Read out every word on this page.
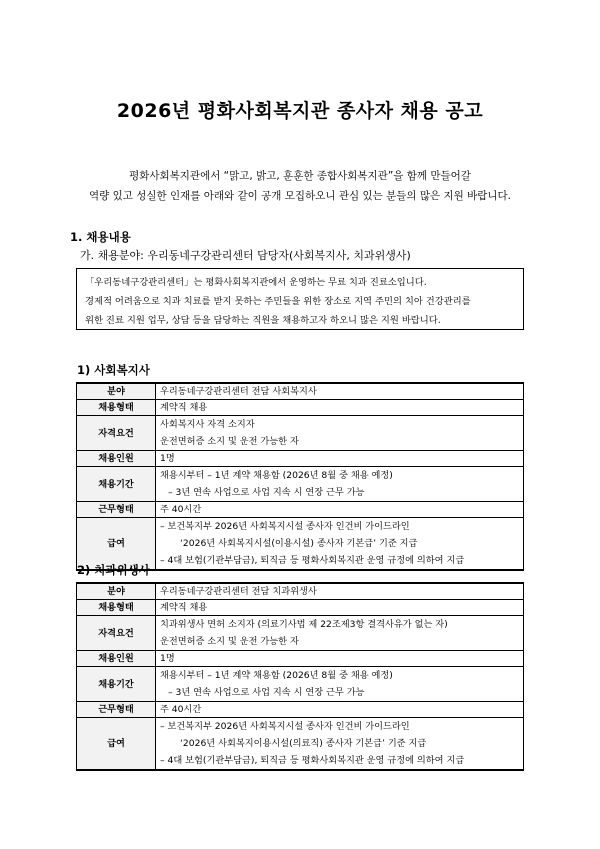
2026년 평화사회복지관 종사자 채용 공고
평화사회복지관에서 “맑고, 밝고, 훈훈한 종합사회복지관”을 함께 만들어갈
역량 있고 성실한 인재를 아래와 같이 공개 모집하오니 관심 있는 분들의 많은 지원 바랍니다.
1. 채용내용
가. 채용분야: 우리동네구강관리센터 담당자(사회복지사, 치과위생사)
「우리동네구강관리센터」는 평화사회복지관에서 운영하는 무료 치과 진료소입니다.
경제적 어려움으로 치과 치료를 받지 못하는 주민들을 위한 장소로 지역 주민의 치아 건강관리를
위한 진료 지원 업무, 상담 등을 담당하는 직원을 채용하고자 하오니 많은 지원 바랍니다.
1) 사회복지사
분야	우리동네구강관리센터 전담 사회복지사
채용형태	계약직 채용
자격요건	사회복지사 자격 소지자
운전면허증 소지 및 운전 가능한 자

채용인원	1명
채용기간	채용시부터 – 1년 계약 채용함 (2026년 8월 중 채용 예정)
– 3년 연속 사업으로 사업 지속 시 연장 근무 가능

근무형태	주 40시간
급여	– 보건복지부 2026년 사회복지시설 종사자 인건비 가이드라인
‘2026년 사회복지시설(이용시설) 종사자 기본급’ 기준 지급
– 4대 보험(기관부담금), 퇴직금 등 평화사회복지관 운영 규정에 의하여 지급
2) 치과위생사
분야	우리동네구강관리센터 전담 치과위생사
채용형태	계약직 채용
자격요건	치과위생사 면허 소지자 (의료기사법 제 22조제3항 결격사유가 없는 자)
운전면허증 소지 및 운전 가능한 자

채용인원	1명
채용기간	채용시부터 – 1년 계약 채용함 (2026년 8월 중 채용 예정)
– 3년 연속 사업으로 사업 지속 시 연장 근무 가능

근무형태	주 40시간
급여	– 보건복지부 2026년 사회복지시설 종사자 인건비 가이드라인
‘2026년 사회복지이용시설(의료직) 종사자 기본급’ 기준 지급
– 4대 보험(기관부담금), 퇴직금 등 평화사회복지관 운영 규정에 의하여 지급
